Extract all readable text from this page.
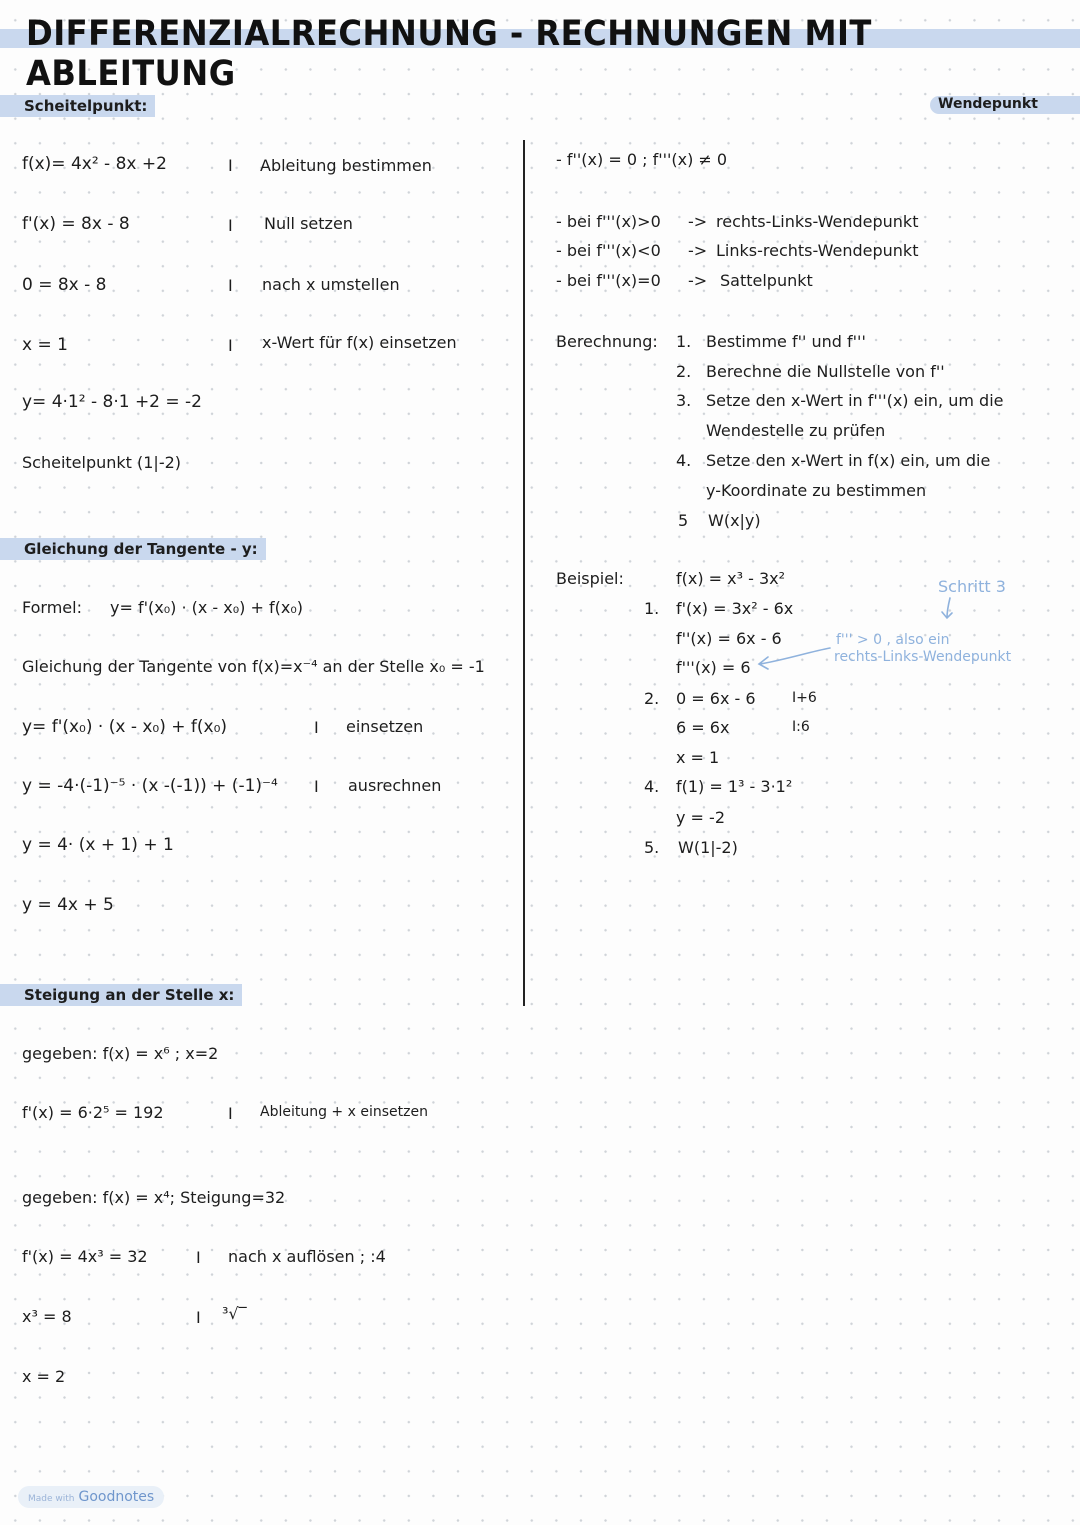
DIFFERENZIALRECHNUNG - RECHNUNGEN MIT ABLEITUNG
Scheitelpunkt:	Wendepunkt
f(x)= 4x² - 8x +2	I Ableitung bestimmen
f'(x) = 8x - 8	I Null setzen
0 = 8x - 8	I nach x umstellen
x = 1	I x-Wert für f(x) einsetzen
y= 4·1² - 8·1 +2 = -2
Scheitelpunkt (1|-2)
Gleichung der Tangente - y:
Formel: y= f'(x₀) · (x - x₀) + f(x₀)
Gleichung der Tangente von f(x)=x⁻⁴ an der Stelle x₀ = -1
y= f'(x₀) · (x - x₀) + f(x₀)	I einsetzen
y = -4·(-1)⁻⁵ · (x -(-1)) + (-1)⁻⁴ I ausrechnen
y = 4· (x + 1) + 1
y = 4x + 5
Steigung an der Stelle x:
gegeben: f(x) = x⁶ ; x=2
f'(x) = 6·2⁵ = 192	I Ableitung + x einsetzen
gegeben: f(x) = x⁴; Steigung=32
f'(x) = 4x³ = 32	I nach x auflösen ; :4
x³ = 8	I ³√‾
x = 2
- f''(x) = 0 ; f'''(x) ≠ 0
- bei f'''(x)>0 -> rechts-Links-Wendepunkt
- bei f'''(x)<0 -> Links-rechts-Wendepunkt
- bei f'''(x)=0 -> Sattelpunkt
Berechnung: 1. Bestimme f'' und f'''
2. Berechne die Nullstelle von f''
3. Setze den x-Wert in f'''(x) ein, um die
Wendestelle zu prüfen
4. Setze den x-Wert in f(x) ein, um die
y-Koordinate zu bestimmen
5 W(x|y)
Beispiel:	f(x) = x³ - 3x²
1. f'(x) = 3x² - 6x
f''(x) = 6x - 6
f'''(x) = 6
2. 0 = 6x - 6	I+6
6 = 6x	I:6
x = 1
4. f(1) = 1³ - 3·1²
y = -2
5. W(1|-2)
Schritt 3
f''' > 0 , also ein
rechts-Links-Wendepunkt
Made with Goodnotes
